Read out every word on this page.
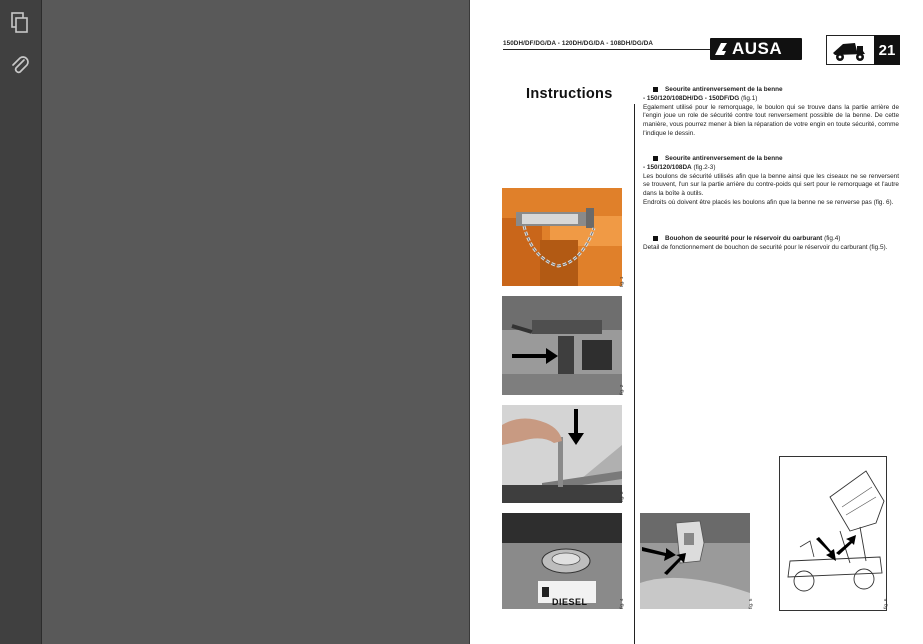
150DH/DF/DG/DA - 120DH/DG/DA - 108DH/DG/DA	AUSA	21
Instructions	Seourite antirenversement de la benne
- 150/120/108DH/DG - 150DF/DG (fig.1)
Egalement utilisé pour le remorquage, le boulon qui se trouve dans la partie arrière de l'engin joue un role de sécurité contre tout renversement possible de la benne. De cette manière, vous pourrez mener à bien la réparation de votre engin en toute sécurité, comme l'indique le dessin.
Seourite antirenversement de la benne
- 150/120/108DA (fig.2-3)
Les boulons de sécurité utilisés afin que la benne ainsi que les ciseaux ne se renversent se trouvent, l'un sur la partie arrière du contre-poids qui sert pour le remorquage et l'autre dans la boîte à outils.
Endroits où doivent être placés les boulons afin que la benne ne se renverse pas (fig. 6).
Bouohon de seourité pour le réservoir du oarburant (fig.4)
Detail de fonctionnement de bouchon de securité pour le réservoir du carburant (fig.5).
fig. 1
fig. 2
fig. 3
DIESEL	fig. 4	fig. 5	fig. 6
